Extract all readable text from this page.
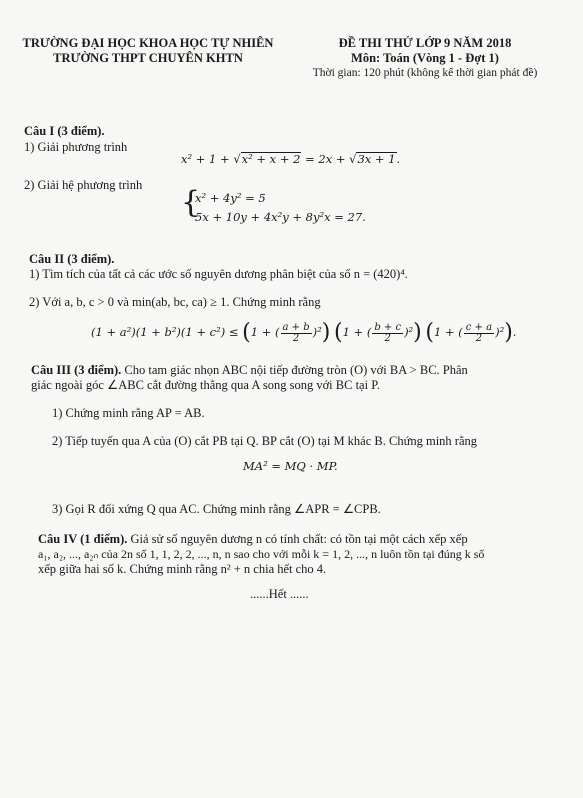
TRƯỜNG ĐẠI HỌC KHOA HỌC TỰ NHIÊN
TRƯỜNG THPT CHUYÊN KHTN
ĐỀ THI THỬ LỚP 9 NĂM 2018
Môn: Toán (Vòng 1 - Đợt 1)
Thời gian: 120 phút (không kể thời gian phát đề)
Câu I (3 điểm).
1) Giải phương trình
x² + 1 + √x² + x + 2 = 2x + √3x + 1.
2) Giải hệ phương trình {
x² + 4y² = 5
5x + 10y + 4x²y + 8y²x = 27.
Câu II (3 điểm).
1) Tìm tích của tất cả các ước số nguyên dương phân biệt của số n = (420)⁴.
2) Với a, b, c > 0 và min(ab, bc, ca) ≥ 1. Chứng minh rằng
(1 + a²)(1 + b²)(1 + c²) ≤ (1 + ( $\frac{a + b}{2} )^2$) (1 + ( $\frac{b + c}{2} )^2$) (1 + ( $\frac{c + a}{2} )^2$).
Câu III (3 điểm). Cho tam giác nhọn ABC nội tiếp đường tròn (O) với BA > BC. Phân
giác ngoài góc ∠ABC cắt đường thẳng qua A song song với BC tại P.
1) Chứng minh rằng AP = AB.
2) Tiếp tuyến qua A của (O) cắt PB tại Q. BP cắt (O) tại M khác B. Chứng minh rằng
MA² = MQ · MP.
3) Gọi R đối xứng Q qua AC. Chứng minh rằng ∠APR = ∠CPB.
Câu IV (1 điểm). Giả sử số nguyên dương n có tính chất: có tồn tại một cách xếp xếp
a₁, a₂, ..., a₂ₙ của 2n số 1, 1, 2, 2, ..., n, n sao cho với mỗi k = 1, 2, ..., n luôn tồn tại đúng k số
xếp giữa hai số k. Chứng minh rằng n² + n chia hết cho 4.
......Hết ......
